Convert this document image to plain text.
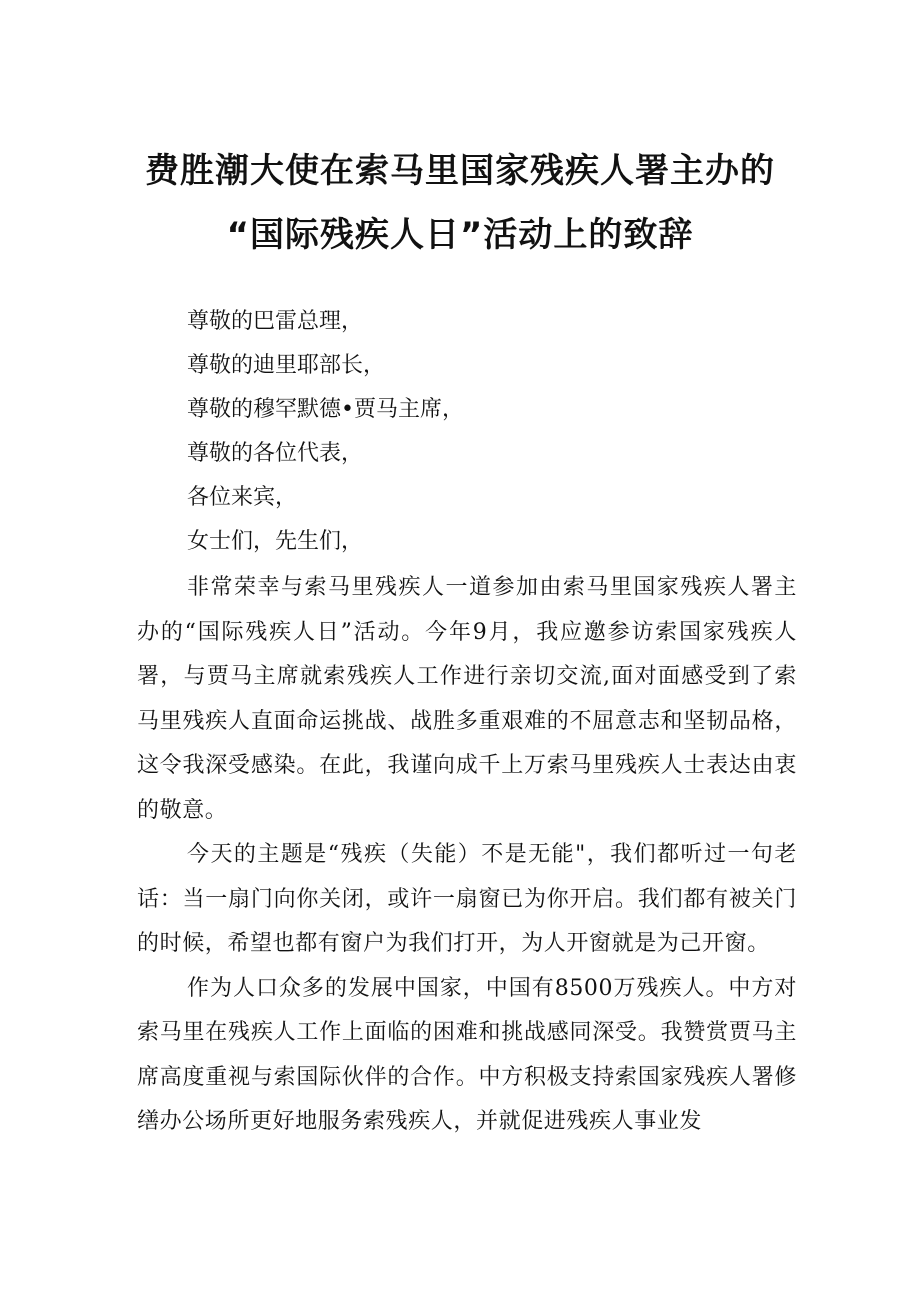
费胜潮大使在索马里国家残疾人署主办的
“国际残疾人日”活动上的致辞

尊敬的巴雷总理，

尊敬的迪里耶部长，

尊敬的穆罕默德•贾马主席，

尊敬的各位代表，

各位来宾，

女士们，先生们，

非常荣幸与索马里残疾人一道参加由索马里国家残疾人署主办的“国际残疾人日”活动。今年9月，我应邀参访索国家残疾人署，与贾马主席就索残疾人工作进行亲切交流,面对面感受到了索马里残疾人直面命运挑战、战胜多重艰难的不屈意志和坚韧品格，这令我深受感染。在此，我谨向成千上万索马里残疾人士表达由衷的敬意。

今天的主题是“残疾（失能）不是无能"，我们都听过一句老话：当一扇门向你关闭，或许一扇窗已为你开启。我们都有被关门的时候，希望也都有窗户为我们打开，为人开窗就是为己开窗。

作为人口众多的发展中国家，中国有8500万残疾人。中方对索马里在残疾人工作上面临的困难和挑战感同深受。我赞赏贾马主席高度重视与索国际伙伴的合作。中方积极支持索国家残疾人署修缮办公场所更好地服务索残疾人，并就促进残疾人事业发
